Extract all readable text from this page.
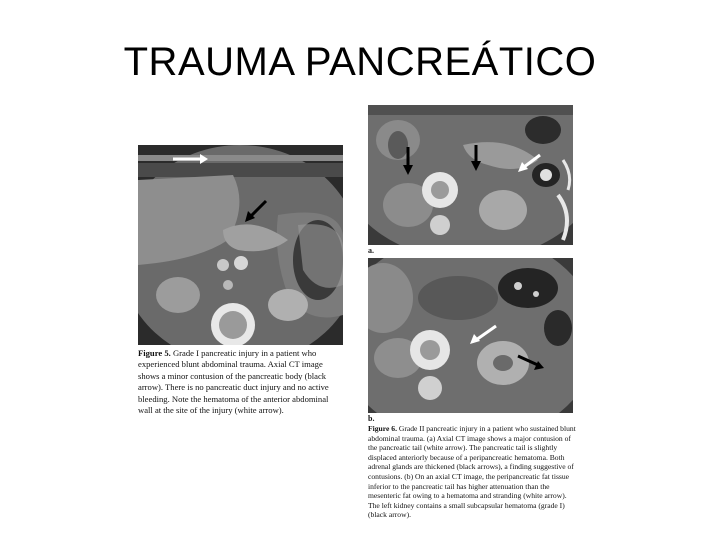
TRAUMA PANCREÁTICO
Figure 5. Grade I pancreatic injury in a patient who experienced blunt abdominal trauma. Axial CT image shows a minor contusion of the pancreatic body (black arrow). There is no pancreatic duct injury and no active bleeding. Note the hematoma of the anterior abdominal wall at the site of the injury (white arrow).
a.
b.
Figure 6. Grade II pancreatic injury in a patient who sustained blunt abdominal trauma. (a) Axial CT image shows a major contusion of the pancreatic tail (white arrow). The pancreatic tail is slightly displaced anteriorly because of a peripancreatic hematoma. Both adrenal glands are thickened (black arrows), a finding suggestive of contusions. (b) On an axial CT image, the peripancreatic fat tissue inferior to the pancreatic tail has higher attenuation than the mesenteric fat owing to a hematoma and stranding (white arrow). The left kidney contains a small subcapsular hematoma (grade I) (black arrow).
